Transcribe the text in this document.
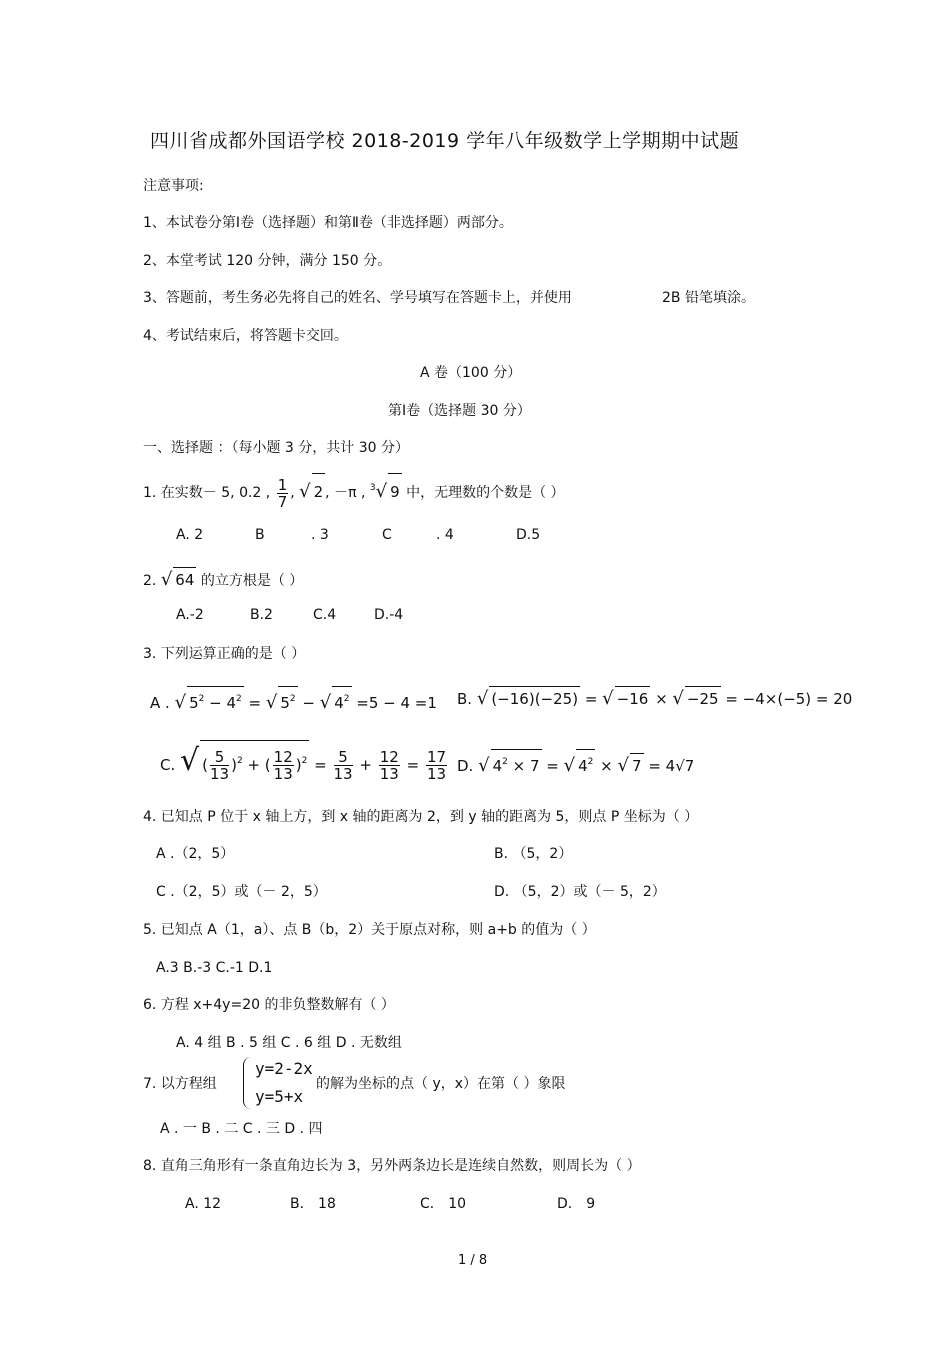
四川省成都外国语学校 2018-2019 学年八年级数学上学期期中试题
注意事项:
1、本试卷分第Ⅰ卷（选择题）和第Ⅱ卷（非选择题）两部分。
2、本堂考试 120 分钟，满分 150 分。
3、答题前，考生务必先将自己的姓名、学号填写在答题卡上，并使用	2B 铅笔填涂。
4、考试结束后，将答题卡交回。
A 卷（100 分）
第Ⅰ卷（选择题 30 分）
一、选择题 ：（每小题 3 分，共计 30 分）
1. 在实数－ 5, 0.2 , $\frac{1}{7}$ , √ 2 , －π , $^3$√ 9 中，无理数的个数是（ ）
A. 2	B	. 3	C	. 4	D.5
2. √ 64 的立方根是（ ）
A.-2	B.2	C.4	D.-4
3. 下列运算正确的是（ ）
A . √ $5^2 - 4^2$ = √ $5^2$ − √ $4^2 =5 - 4 =1$ B. √ (−16)(−25) = √ −16 × √ −25 = −4×(−5) = 20
C. √ ( $\frac{5}{13} )^2$ + ( $\frac{12}{13} )^2 = \frac{5}{13} + \frac{12}{13} = \frac{17}{13} D$. √ $4^2 \times 7$ = √ $4^2$ × √ 7 = 4√7
4. 已知点 P 位于 x 轴上方，到 x 轴的距离为 2，到 y 轴的距离为 5，则点 P 坐标为（ ）
A .（2，5）	B. （5，2）
C .（2，5）或（－ 2，5）	D. （5，2）或（－ 5，2）
5. 已知点 A（1，a）、点 B（b，2）关于原点对称，则 a+b 的值为（ ）
A.3 B.-3 C.-1 D.1
6. 方程 x+4y=20 的非负整数解有（ ）
A. 4 组 B . 5 组 C . 6 组 D . 无数组
7. 以方程组
y=2-2x
y=5+x
的解为坐标的点（ y，x）在第（ ）象限
A . 一 B . 二 C . 三 D . 四
8. 直角三角形有一条直角边长为 3，另外两条边长是连续自然数，则周长为（ ）
A. 12	B． 18	C． 10	D． 9
1 / 8
